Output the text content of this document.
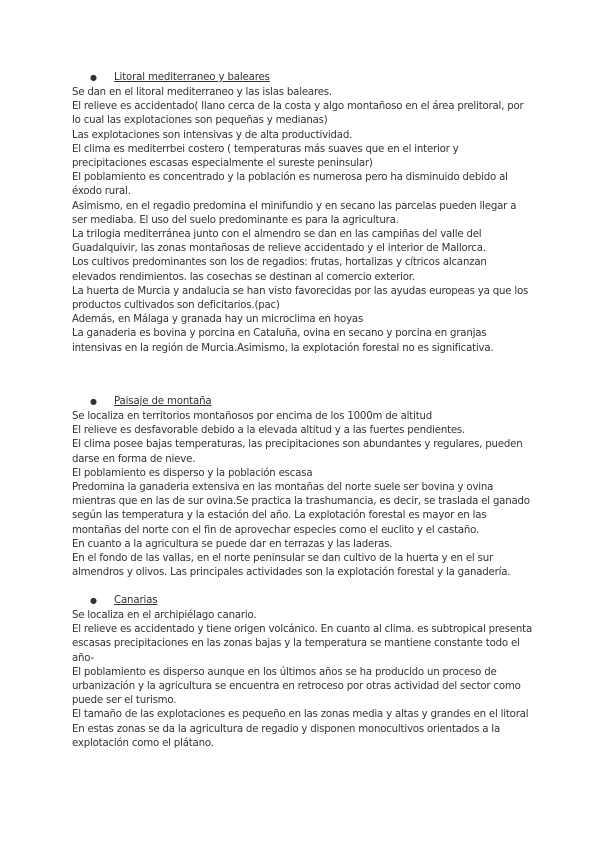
● Litoral mediterraneo y baleares

Se dan en el litoral mediterraneo y las islas baleares.

El relieve es accidentado( llano cerca de la costa y algo montañoso en el área prelitoral, por lo cual las explotaciones son pequeñas y medianas)

Las explotaciones son intensivas y de alta productividad.

El clima es mediterrbei costero ( temperaturas más suaves que en el interior y precipitaciones escasas especialmente el sureste peninsular)

El poblamiento es concentrado y la población es numerosa pero ha disminuido debido al éxodo rural.

Asimismo, en el regadio predomina el minifundio y en secano las parcelas pueden llegar a ser mediaba. El uso del suelo predominante es para la agricultura.

La trilogia mediterránea junto con el almendro se dan en las campiñas del valle del Guadalquivir, las zonas montañosas de relieve accidentado y el interior de Mallorca.

Los cultivos predominantes son los de regadios: frutas, hortalizas y cítricos alcanzan elevados rendimientos. las cosechas se destinan al comercio exterior.

La huerta de Murcia y andalucia se han visto favorecidas por las ayudas europeas ya que los productos cultivados son deficitarios.(pac)

Además, en Málaga y granada hay un microclima en hoyas

La ganaderia es bovina y porcina en Cataluña, ovina en secano y porcina en granjas intensivas en la región de Murcia.Asimismo, la explotación forestal no es significativa.

● Paisaje de montaña

Se localiza en territorios montañosos por encima de los 1000m de altitud

El relieve es desfavorable debido a la elevada altitud y a las fuertes pendientes.

El clima posee bajas temperaturas, las precipitaciones son abundantes y regulares, pueden darse en forma de nieve.

El poblamiento es disperso y la población escasa

Predomina la ganaderia extensiva en las montañas del norte suele ser bovina y ovina mientras que en las de sur ovina.Se practica la trashumancia, es decir, se traslada el ganado según las temperatura y la estación del año. La explotación forestal es mayor en las montañas del norte con el fin de aprovechar especies como el euclito y el castaño.

En cuanto a la agricultura se puede dar en terrazas y las laderas.

En el fondo de las vallas, en el norte peninsular se dan cultivo de la huerta y en el sur almendros y olivos. Las principales actividades son la explotación forestal y la ganadería.

● Canarias

Se localiza en el archipiélago canario.

El relieve es accidentado y tiene origen volcánico. En cuanto al clima. es subtropical presenta escasas precipitaciones en las zonas bajas y la temperatura se mantiene constante todo el año-

El poblamiento es disperso aunque en los últimos años se ha producido un proceso de urbanización y la agricultura se encuentra en retroceso por otras actividad del sector como puede ser el turismo.

El tamaño de las explotaciones es pequeño en las zonas media y altas y grandes en el litoral

En estas zonas se da la agricultura de regadio y disponen monocultivos orientados a la explotación como el plátano.
